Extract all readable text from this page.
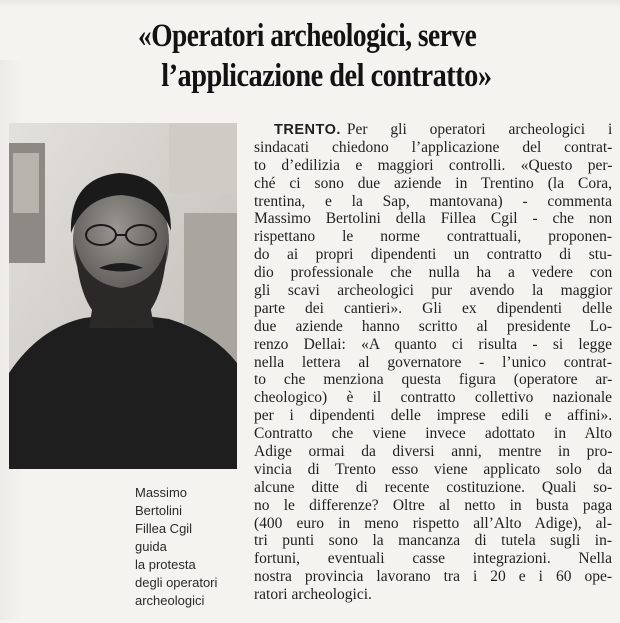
«Operatori archeologici, serve
l’applicazione del contratto»
Massimo
Bertolini
Fillea Cgil
guida
la protesta
degli operatori
archeologici
TRENTO. Per gli operatori archeologici i
sindacati chiedono l’applicazione del contrat-
to d’edilizia e maggiori controlli. «Questo per-
ché ci sono due aziende in Trentino (la Cora,
trentina, e la Sap, mantovana) - commenta
Massimo Bertolini della Fillea Cgil - che non
rispettano le norme contrattuali, proponen-
do ai propri dipendenti un contratto di stu-
dio professionale che nulla ha a vedere con
gli scavi archeologici pur avendo la maggior
parte dei cantieri». Gli ex dipendenti delle
due aziende hanno scritto al presidente Lo-
renzo Dellai: «A quanto ci risulta - si legge
nella lettera al governatore - l’unico contrat-
to che menziona questa figura (operatore ar-
cheologico) è il contratto collettivo nazionale
per i dipendenti delle imprese edili e affini».
Contratto che viene invece adottato in Alto
Adige ormai da diversi anni, mentre in pro-
vincia di Trento esso viene applicato solo da
alcune ditte di recente costituzione. Quali so-
no le differenze? Oltre al netto in busta paga
(400 euro in meno rispetto all’Alto Adige), al-
tri punti sono la mancanza di tutela sugli in-
fortuni, eventuali casse integrazioni. Nella
nostra provincia lavorano tra i 20 e i 60 ope-
ratori archeologici.
